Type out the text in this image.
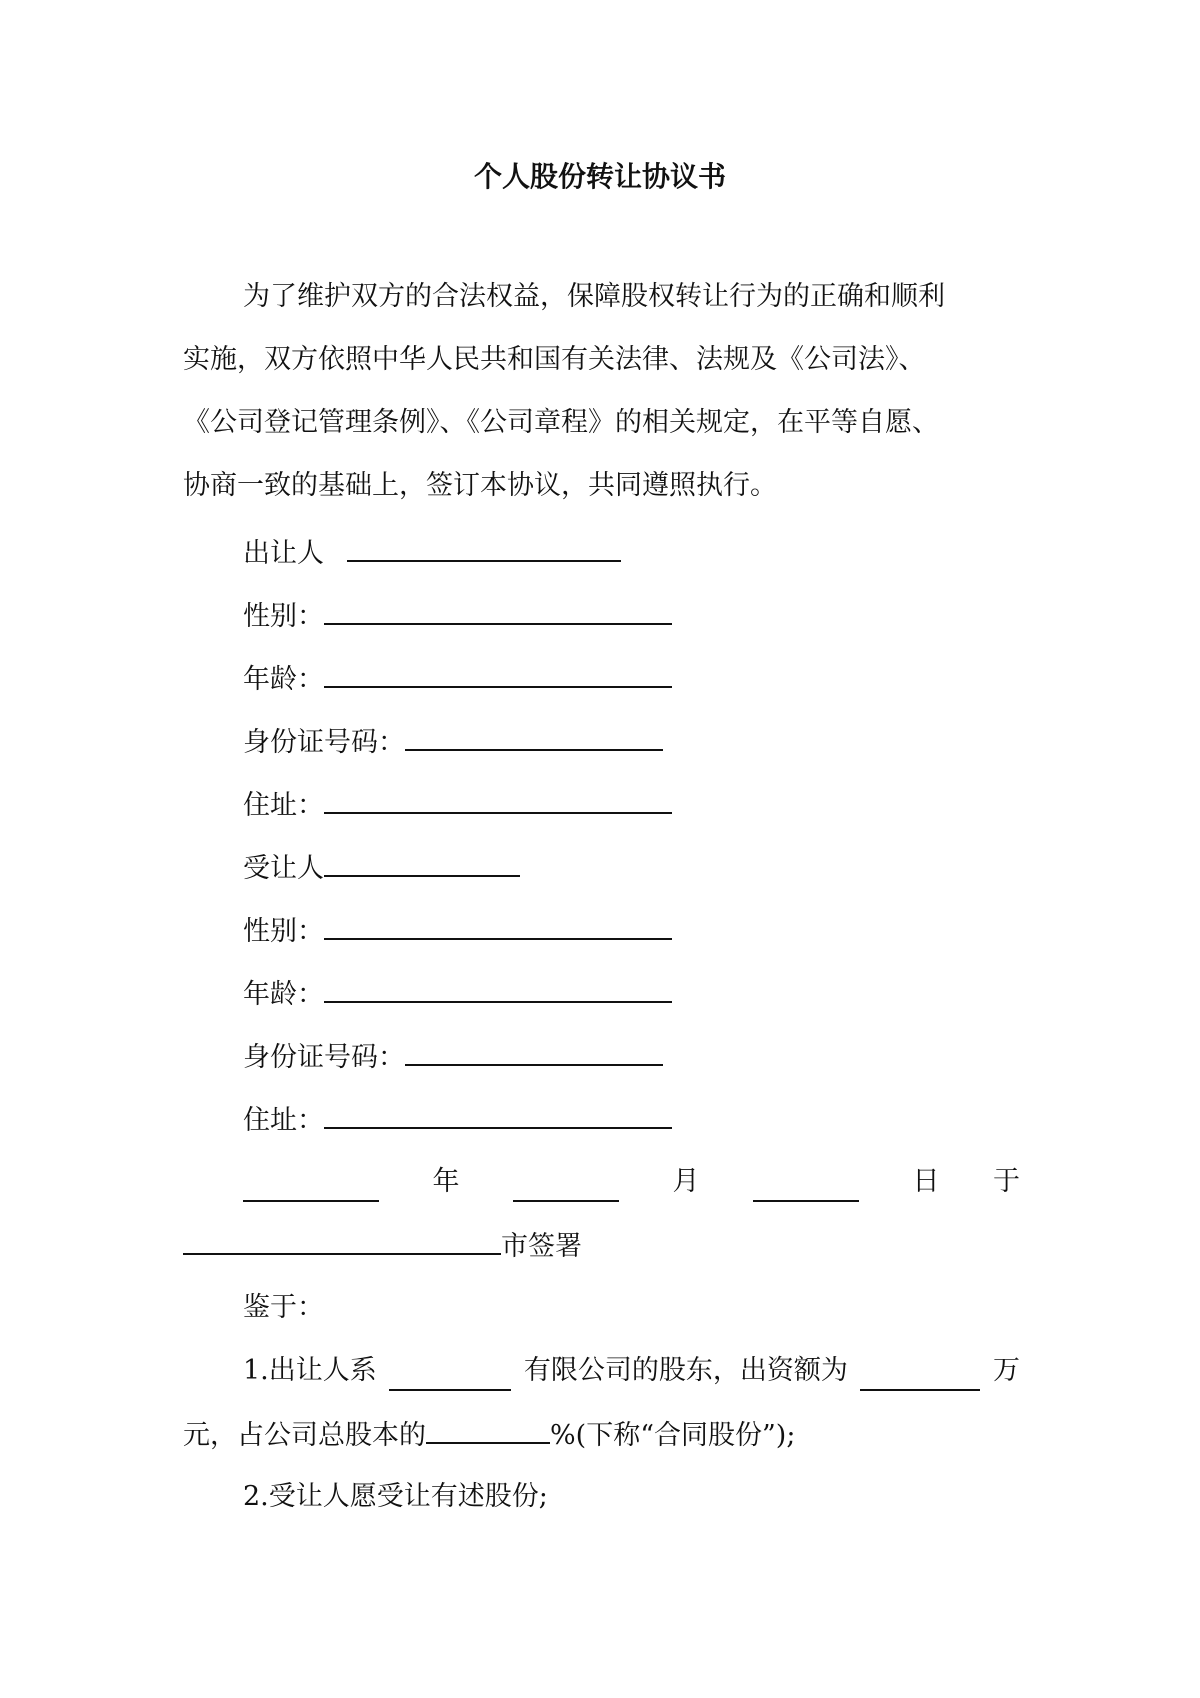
个人股份转让协议书
为了维护双方的合法权益，保障股权转让行为的正确和顺利
实施，双方依照中华人民共和国有关法律、法规及《公司法》、
《公司登记管理条例》、《公司章程》的相关规定，在平等自愿、
协商一致的基础上，签订本协议，共同遵照执行。
出让人
性别：
年龄：
身份证号码：
住址：
受让人
性别：
年龄：
身份证号码：
住址：
年	月	日 于
市签署
鉴于：
1.出让人系	有限公司的股东，出资额为	万
元，占公司总股本的	%(下称“合同股份”);
2.受让人愿受让有述股份;
